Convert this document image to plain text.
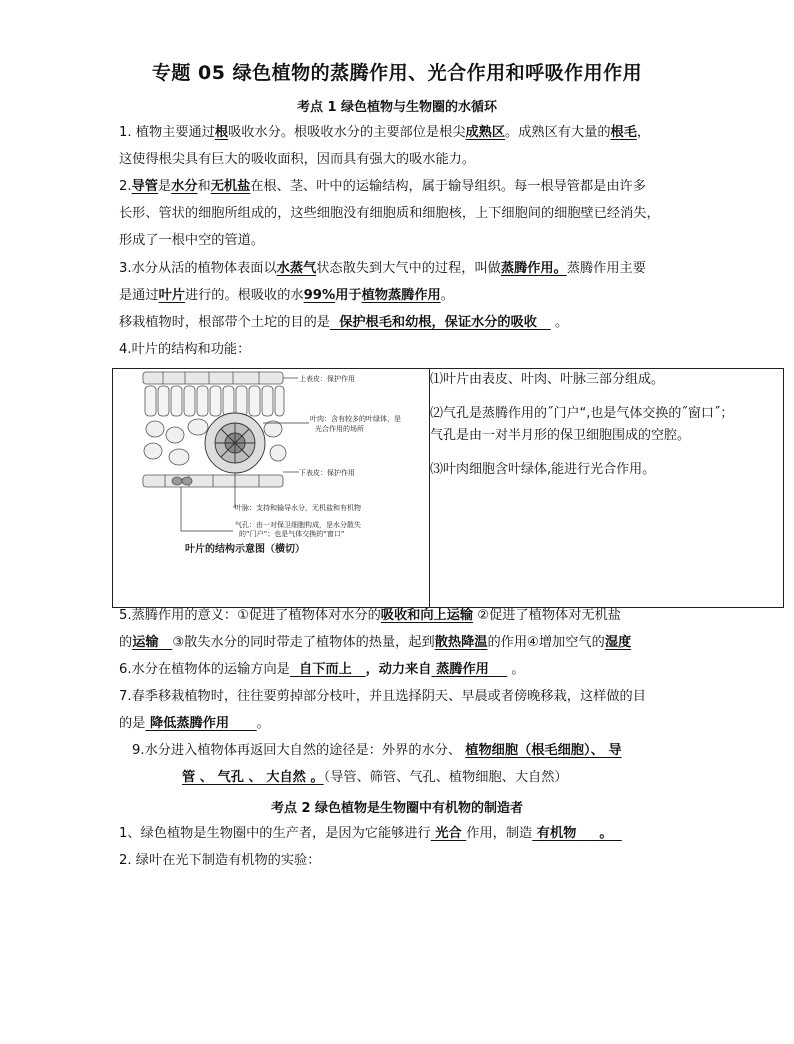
专题 05 绿色植物的蒸腾作用、光合作用和呼吸作用作用
考点 1 绿色植物与生物圈的水循环
1. 植物主要通过根吸收水分。根吸收水分的主要部位是根尖成熟区。成熟区有大量的根毛，
这使得根尖具有巨大的吸收面积，因而具有强大的吸水能力。
2.导管是水分和无机盐在根、茎、叶中的运输结构，属于输导组织。每一根导管都是由许多
长形、管状的细胞所组成的，这些细胞没有细胞质和细胞核，上下细胞间的细胞壁已经消失，
形成了一根中空的管道。
3.水分从活的植物体表面以水蒸气状态散失到大气中的过程，叫做蒸腾作用。蒸腾作用主要
是通过叶片进行的。根吸收的水99%用于植物蒸腾作用。
移栽植物时，根部带个土坨的目的是 保护根毛和幼根，保证水分的吸收 。
4.叶片的结构和功能：
上表皮：保护作用
叶肉：含有较多的叶绿体，是
光合作用的场所
下表皮：保护作用
叶脉：支持和输导水分，无机盐和有机物
气孔：由一对保卫细胞构成，是水分散失
的“门户”；也是气体交换的“窗口”
叶片的结构示意图（横切）

⑴叶片由表皮、叶肉、叶脉三部分组成。

⑵气孔是蒸腾作用的˝门户“,也是气体交换的˝窗口˝；

气孔是由一对半月形的保卫细胞围成的空腔。

⑶叶肉细胞含叶绿体,能进行光合作用。

5.蒸腾作用的意义：①促进了植物体对水分的吸收和向上运输 ②促进了植物体对无机盐
的运输 ③散失水分的同时带走了植物体的热量，起到散热降温的作用④增加空气的湿度
6.水分在植物体的运输方向是 自下而上 ，动力来自 蒸腾作用 。
7.春季移栽植物时，往往要剪掉部分枝叶，并且选择阴天、早晨或者傍晚移栽，这样做的目
的是 降低蒸腾作用 。
9.水分进入植物体再返回大自然的途径是：外界的水分、 植物细胞（根毛细胞）、 导
管 、 气孔 、 大自然 。（导管、筛管、气孔、植物细胞、大自然）
考点 2 绿色植物是生物圈中有机物的制造者
1、绿色植物是生物圈中的生产者，是因为它能够进行 光合 作用，制造 有机物 。
2. 绿叶在光下制造有机物的实验：
